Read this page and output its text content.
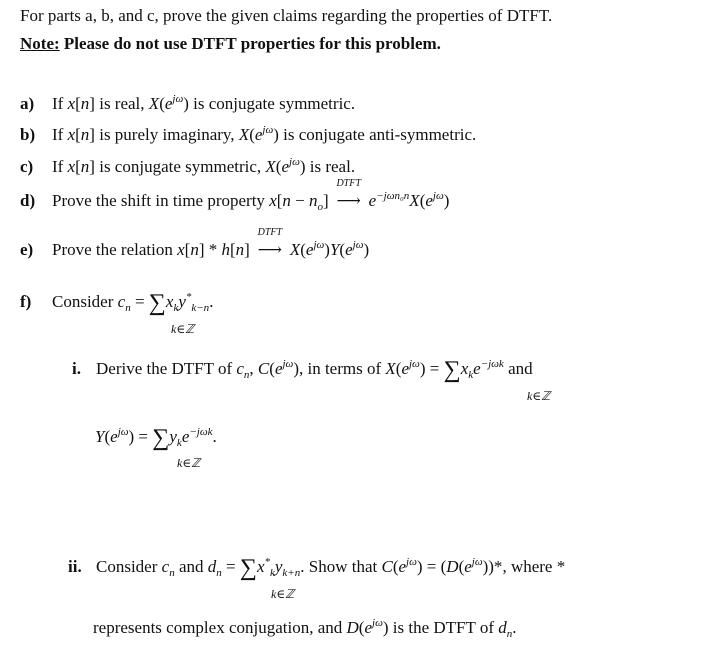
For parts a, b, and c, prove the given claims regarding the properties of DTFT.
Note: Please do not use DTFT properties for this problem.
a) If x[n] is real, $X(e^{j\omega})$ is conjugate symmetric.
b) If x[n] is purely imaginary, $X(e^{j\omega})$ is conjugate anti-symmetric.
c) If x[n] is conjugate symmetric, $X(e^{j\omega})$ is real.
d) Prove the shift in time property $x[n - n_o]$
DTFT
⟶ $e^{-j\omega n_0n}X(e^{j\omega})$
e) Prove the relation x[n] * h[n]
DTFT
⟶ $X(e^{j\omega})Y(e^{j\omega})$
f) Consider $c_n = \sum x_ky^*_{k-n}$.
k∈ℤ
i. Derive the DTFT of $c_n$, $C(e^{j\omega})$, in terms of $X(e^{j\omega}) = \sum x_ke^{-j\omega k}$ and
k∈ℤ
$Y(e^{j\omega}) = \sum y_ke^{-j\omega k}$.
k∈ℤ
ii. Consider $c_n$ and $d_n = \sum x^*_ky_{k+n}$. Show that $C(e^{j\omega}) = (D(e^{j\omega}))*$, where *
k∈ℤ
represents complex conjugation, and $D(e^{j\omega})$ is the DTFT of $d_n$.
